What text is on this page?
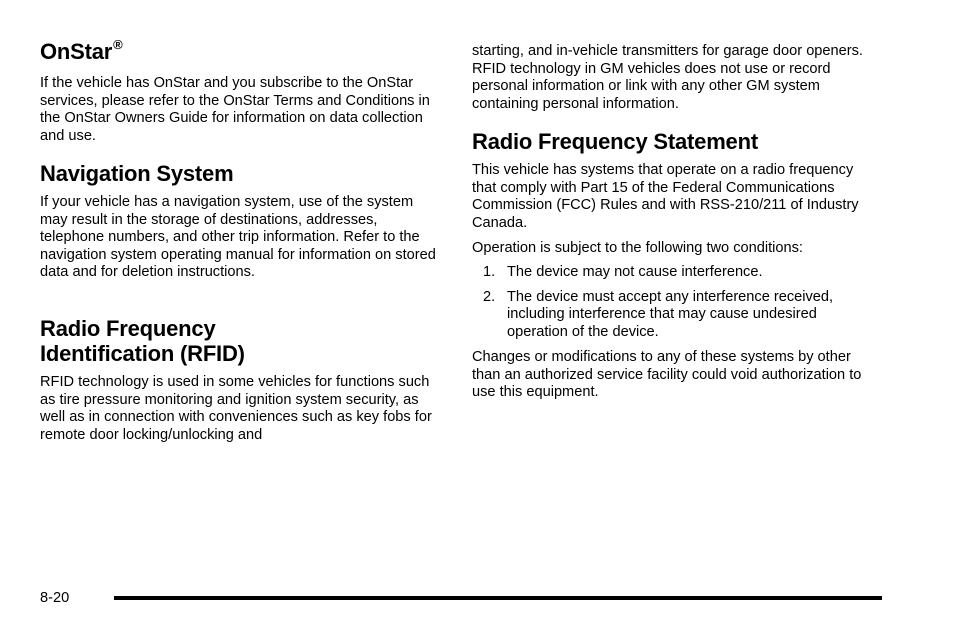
OnStar®

If the vehicle has OnStar and you subscribe to the OnStar services, please refer to the OnStar Terms and Conditions in the OnStar Owners Guide for information on data collection and use.

Navigation System

If your vehicle has a navigation system, use of the system may result in the storage of destinations, addresses, telephone numbers, and other trip information. Refer to the navigation system operating manual for information on stored data and for deletion instructions.

Radio Frequency
Identification (RFID)

RFID technology is used in some vehicles for functions such as tire pressure monitoring and ignition system security, as well as in connection with conveniences such as key fobs for remote door locking/unlocking and

starting, and in-vehicle transmitters for garage door openers. RFID technology in GM vehicles does not use or record personal information or link with any other GM system containing personal information.

Radio Frequency Statement

This vehicle has systems that operate on a radio frequency that comply with Part 15 of the Federal Communications Commission (FCC) Rules and with RSS-210/211 of Industry Canada.

Operation is subject to the following two conditions:

1. The device may not cause interference.
2. The device must accept any interference received, including interference that may cause undesired operation of the device.

Changes or modifications to any of these systems by other than an authorized service facility could void authorization to use this equipment.

8-20
